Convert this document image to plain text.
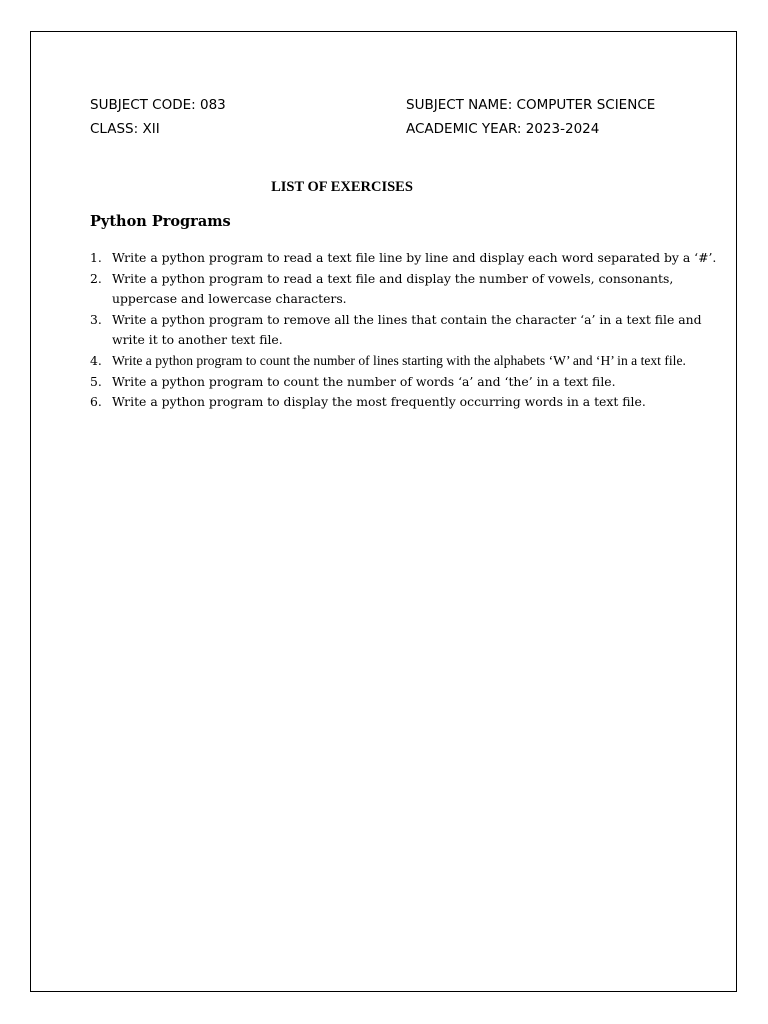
SUBJECT CODE: 083	SUBJECT NAME: COMPUTER SCIENCE
CLASS: XII	ACADEMIC YEAR: 2023-2024
LIST OF EXERCISES
Python Programs
1. Write a python program to read a text file line by line and display each word separated by a ‘#’.
2. Write a python program to read a text file and display the number of vowels, consonants, uppercase and lowercase characters.
3. Write a python program to remove all the lines that contain the character ‘a’ in a text file and write it to another text file.
4. Write a python program to count the number of lines starting with the alphabets ‘W’ and ‘H’ in a text file.
5. Write a python program to count the number of words ‘a’ and ‘the’ in a text file.
6. Write a python program to display the most frequently occurring words in a text file.
